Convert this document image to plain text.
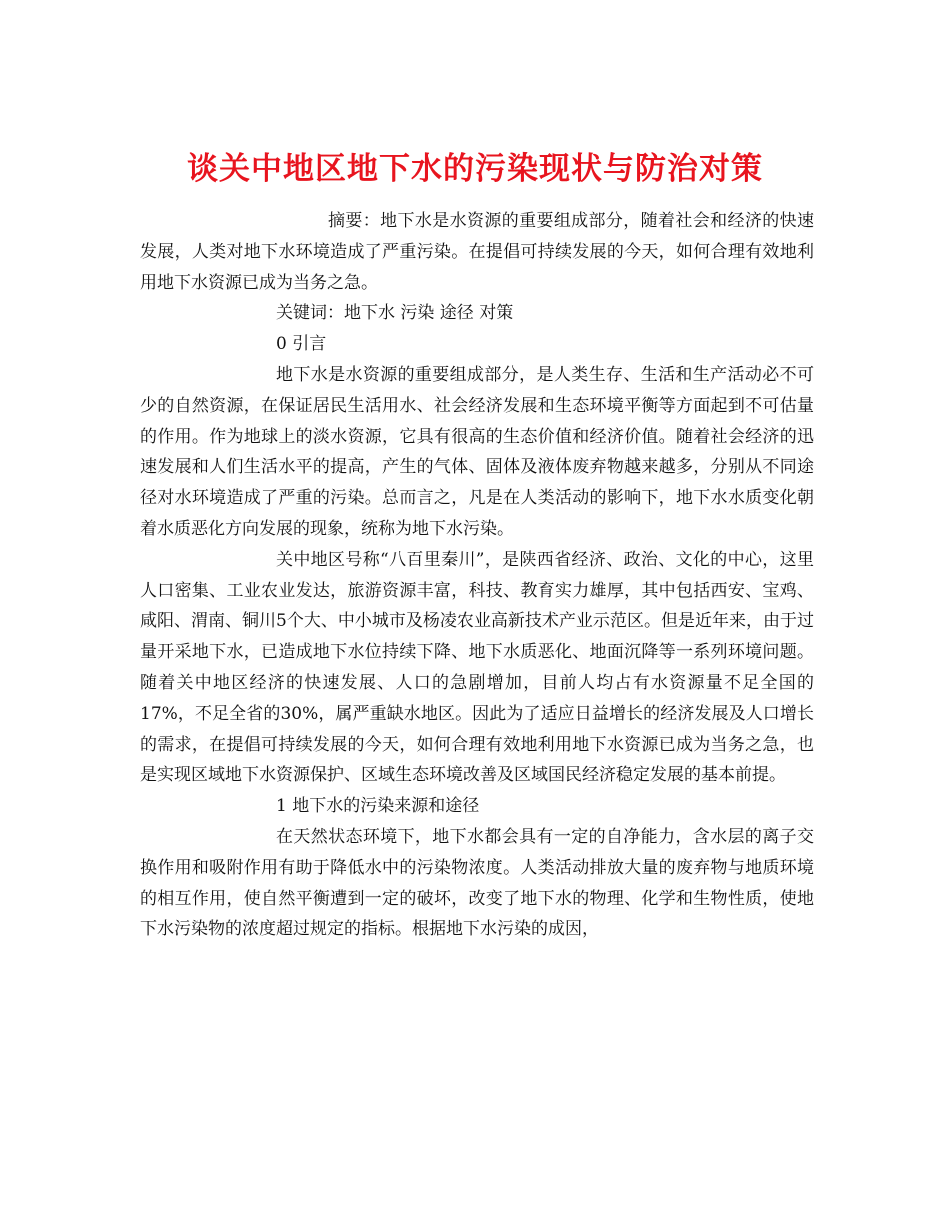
谈关中地区地下水的污染现状与防治对策

摘要：地下水是水资源的重要组成部分，随着社会和经济的快速发展，人类对地下水环境造成了严重污染。在提倡可持续发展的今天，如何合理有效地利用地下水资源已成为当务之急。

关键词：地下水 污染 途径 对策

0 引言

地下水是水资源的重要组成部分，是人类生存、生活和生产活动必不可少的自然资源，在保证居民生活用水、社会经济发展和生态环境平衡等方面起到不可估量的作用。作为地球上的淡水资源，它具有很高的生态价值和经济价值。随着社会经济的迅速发展和人们生活水平的提高，产生的气体、固体及液体废弃物越来越多，分别从不同途径对水环境造成了严重的污染。总而言之，凡是在人类活动的影响下，地下水水质变化朝着水质恶化方向发展的现象，统称为地下水污染。

关中地区号称“八百里秦川”，是陕西省经济、政治、文化的中心，这里人口密集、工业农业发达，旅游资源丰富，科技、教育实力雄厚，其中包括西安、宝鸡、咸阳、渭南、铜川5个大、中小城市及杨凌农业高新技术产业示范区。但是近年来，由于过量开采地下水，已造成地下水位持续下降、地下水质恶化、地面沉降等一系列环境问题。随着关中地区经济的快速发展、人口的急剧增加，目前人均占有水资源量不足全国的17%，不足全省的30%，属严重缺水地区。因此为了适应日益增长的经济发展及人口增长的需求，在提倡可持续发展的今天，如何合理有效地利用地下水资源已成为当务之急，也是实现区域地下水资源保护、区域生态环境改善及区域国民经济稳定发展的基本前提。

1 地下水的污染来源和途径

在天然状态环境下，地下水都会具有一定的自净能力，含水层的离子交换作用和吸附作用有助于降低水中的污染物浓度。人类活动排放大量的废弃物与地质环境的相互作用，使自然平衡遭到一定的破坏，改变了地下水的物理、化学和生物性质，使地下水污染物的浓度超过规定的指标。根据地下水污染的成因，
